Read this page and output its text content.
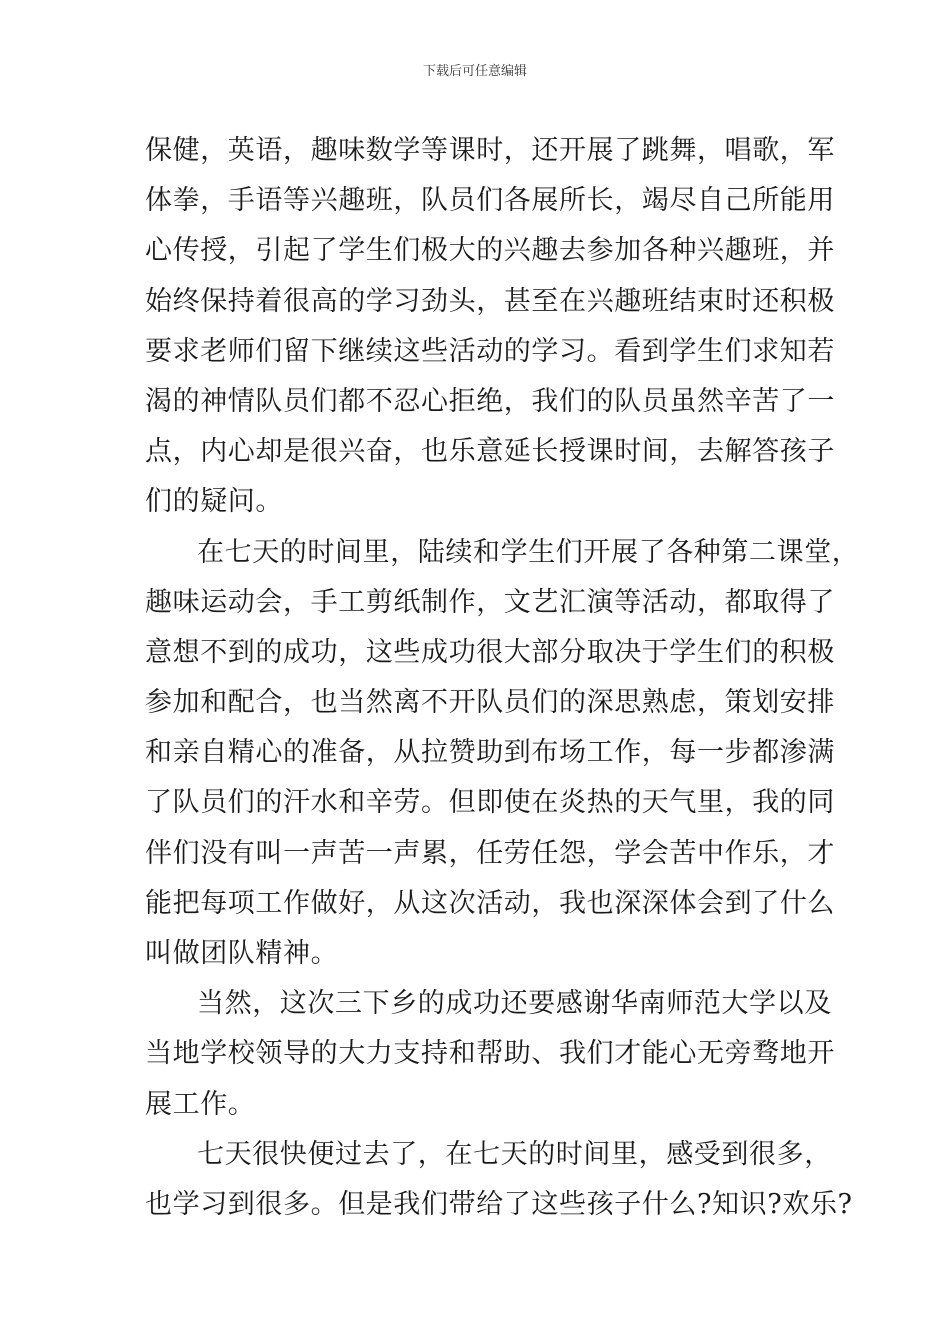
下载后可任意编辑
保健，英语，趣味数学等课时，还开展了跳舞，唱歌，军
体拳，手语等兴趣班，队员们各展所长，竭尽自己所能用
心传授，引起了学生们极大的兴趣去参加各种兴趣班，并
始终保持着很高的学习劲头，甚至在兴趣班结束时还积极
要求老师们留下继续这些活动的学习。看到学生们求知若
渴的神情队员们都不忍心拒绝，我们的队员虽然辛苦了一
点，内心却是很兴奋，也乐意延长授课时间，去解答孩子
们的疑问。
在七天的时间里，陆续和学生们开展了各种第二课堂，
趣味运动会，手工剪纸制作，文艺汇演等活动，都取得了
意想不到的成功，这些成功很大部分取决于学生们的积极
参加和配合，也当然离不开队员们的深思熟虑，策划安排
和亲自精心的准备，从拉赞助到布场工作，每一步都渗满
了队员们的汗水和辛劳。但即使在炎热的天气里，我的同
伴们没有叫一声苦一声累，任劳任怨，学会苦中作乐，才
能把每项工作做好，从这次活动，我也深深体会到了什么
叫做团队精神。
当然，这次三下乡的成功还要感谢华南师范大学以及
当地学校领导的大力支持和帮助、我们才能心无旁骛地开
展工作。
七天很快便过去了，在七天的时间里，感受到很多，
也学习到很多。但是我们带给了这些孩子什么?知识?欢乐?
